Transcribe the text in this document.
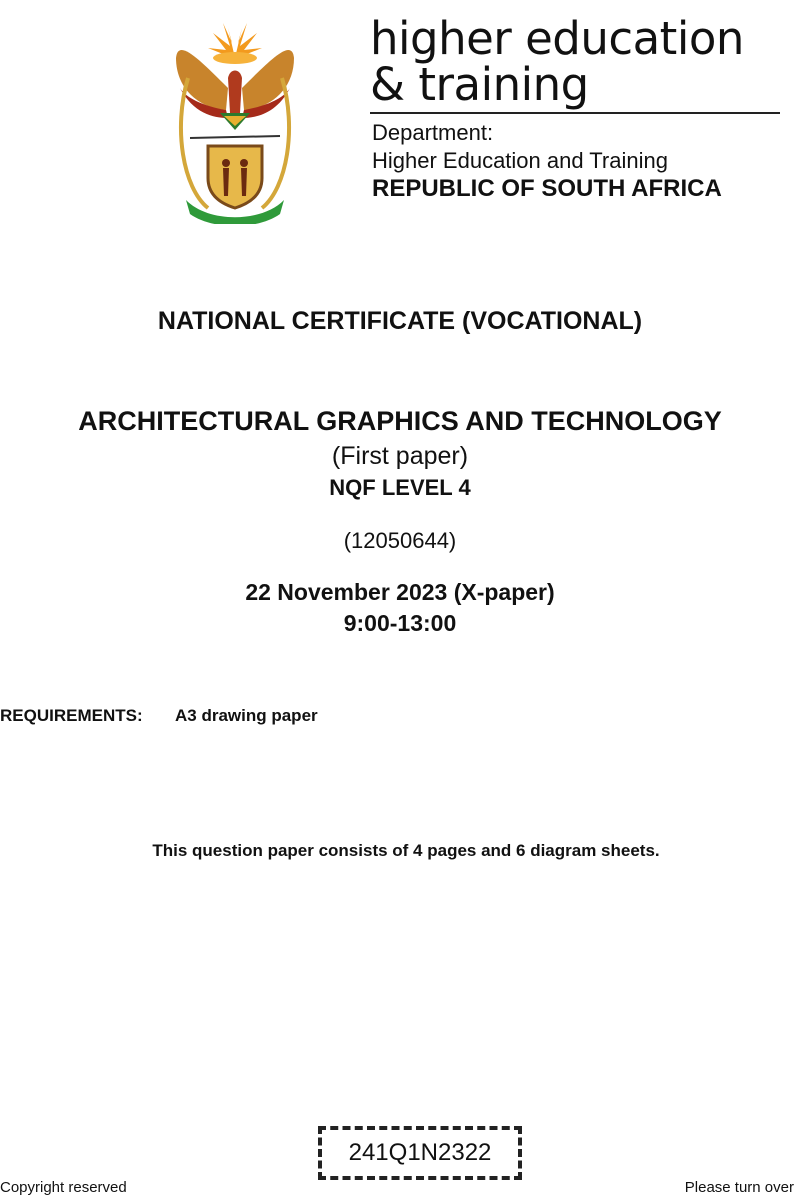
higher education
& training
Department:
Higher Education and Training
REPUBLIC OF SOUTH AFRICA
NATIONAL CERTIFICATE (VOCATIONAL)
ARCHITECTURAL GRAPHICS AND TECHNOLOGY
(First paper)
NQF LEVEL 4
(12050644)
22 November 2023 (X-paper)
9:00-13:00
REQUIREMENTS: A3 drawing paper
This question paper consists of 4 pages and 6 diagram sheets.
241Q1N2322
Copyright reserved	Please turn over
